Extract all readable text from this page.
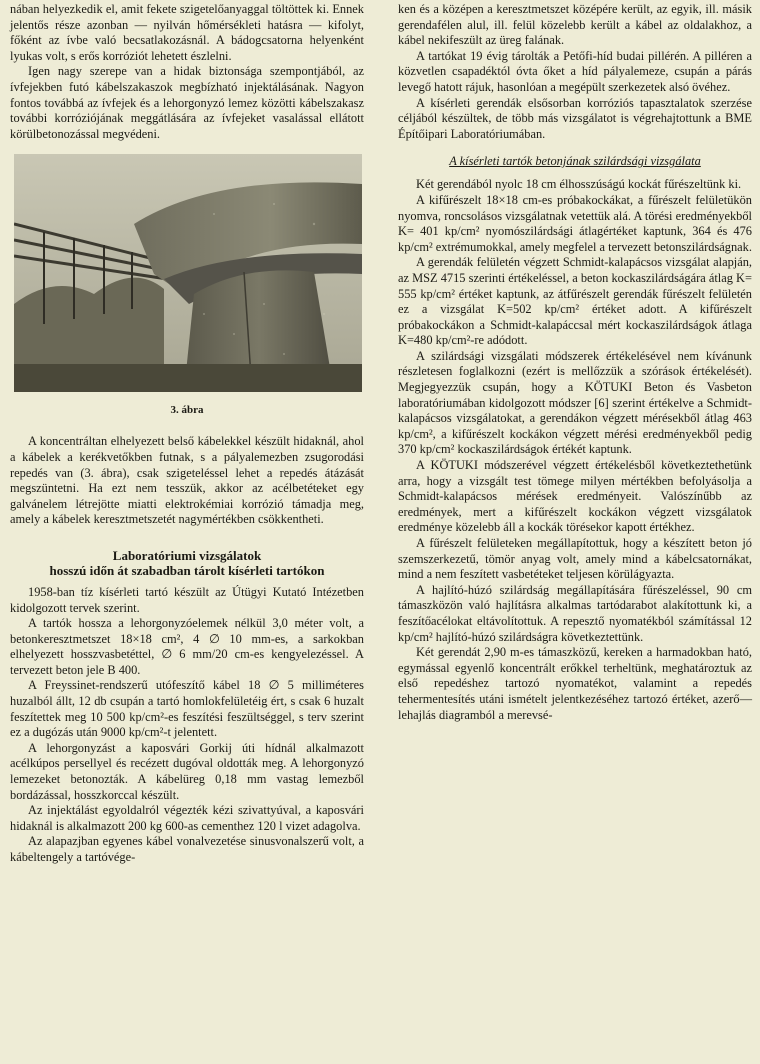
nában helyezkedik el, amit fekete szigetelőanyaggal töltöttek ki. Ennek jelentős része azonban — nyilván hőmérsékleti hatásra — kifolyt, főként az ívbe való becsatlakozásnál. A bádogcsatorna helyenként lyukas volt, s erős korróziót lehetett észlelni.

Igen nagy szerepe van a hidak biztonsága szempontjából, az ívfejekben futó kábelszakaszok megbízható injektálásának. Nagyon fontos továbbá az ívfejek és a lehorgonyzó lemez közötti kábelszakasz további korróziójának meggátlására az ívfejeket vasalással ellátott körülbetonozással megvédeni.

3. ábra

A koncentráltan elhelyezett belső kábelekkel készült hidaknál, ahol a kábelek a kerékvetőkben futnak, s a pályalemezben zsugorodási repedés van (3. ábra), csak szigeteléssel lehet a repedés átázását megszüntetni. Ha ezt nem tesszük, akkor az acélbetéteket egy galvánelem létrejötte miatti elektrokémiai korrózió támadja meg, amely a kábelek keresztmetszetét nagymértékben csökkentheti.

Laboratóriumi vizsgálatok
hosszú időn át szabadban tárolt kísérleti tartókon

1958-ban tíz kísérleti tartó készült az Útügyi Kutató Intézetben kidolgozott tervek szerint.

A tartók hossza a lehorgonyzóelemek nélkül 3,0 méter volt, a betonkeresztmetszet 18×18 cm², 4 ∅ 10 mm-es, a sarkokban elhelyezett hosszvasbetéttel, ∅ 6 mm/20 cm-es kengyelezéssel. A tervezett beton jele B 400.

A Freyssinet-rendszerű utófeszítő kábel 18 ∅ 5 milliméteres huzalból állt, 12 db csupán a tartó homlokfelületéig ért, s csak 6 huzalt feszítettek meg 10 500 kp/cm²-es feszítési feszültséggel, s terv szerint ez a dugózás után 9000 kp/cm²-t jelentett.

A lehorgonyzást a kaposvári Gorkij úti hídnál alkalmazott acélkúpos persellyel és recézett dugóval oldották meg. A lehorgonyzó lemezeket betonozták. A kábelüreg 0,18 mm vastag lemezből bordázással, hosszkorccal készült.

Az injektálást egyoldalról végezték kézi szivattyúval, a kaposvári hidaknál is alkalmazott 200 kg 600-as cementhez 120 l vizet adagolva.

Az alapazjban egyenes kábel vonalvezetése sinusvonalszerű volt, a kábeltengely a tartóvége-

ken és a középen a keresztmetszet középére került, az egyik, ill. másik gerendafélen alul, ill. felül közelebb került a kábel az oldalakhoz, a kábel nekifeszült az üreg falának.

A tartókat 19 évig tárolták a Petőfi-híd budai pillérén. A pilléren a közvetlen csapadéktól óvta őket a híd pályalemeze, csupán a párás levegő hatott rájuk, hasonlóan a megépült szerkezetek alsó övéhez.

A kísérleti gerendák elsősorban korróziós tapasztalatok szerzése céljából készültek, de több más vizsgálatot is végrehajtottunk a BME Építőipari Laboratóriumában.

A kísérleti tartók betonjának szilárdsági vizsgálata

Két gerendából nyolc 18 cm élhosszúságú kockát fűrészeltünk ki.

A kifűrészelt 18×18 cm-es próbakockákat, a fűrészelt felületükön nyomva, roncsolásos vizsgálatnak vetettük alá. A törési eredményekből K= 401 kp/cm² nyomószilárdsági átlagértéket kaptunk, 364 és 476 kp/cm² extrémumokkal, amely megfelel a tervezett betonszilárdságnak.

A gerendák felületén végzett Schmidt-kalapácsos vizsgálat alapján, az MSZ 4715 szerinti értékeléssel, a beton kockaszilárdságára átlag K= 555 kp/cm² értéket kaptunk, az átfűrészelt gerendák fűrészelt felületén ez a vizsgálat K=502 kp/cm² értéket adott. A kifűrészelt próbakockákon a Schmidt-kalapáccsal mért kockaszilárdságok átlaga K=480 kp/cm²-re adódott.

A szilárdsági vizsgálati módszerek értékelésével nem kívánunk részletesen foglalkozni (ezért is mellőzzük a szórások értékelését). Megjegyezzük csupán, hogy a KÖTUKI Beton és Vasbeton laboratóriumában kidolgozott módszer [6] szerint értékelve a Schmidt-kalapácsos vizsgálatokat, a gerendákon végzett mérésekből átlag 463 kp/cm², a kifűrészelt kockákon végzett mérési eredményekből pedig 370 kp/cm² kockaszilárdságok értékét kaptunk.

A KÖTUKI módszerével végzett értékelésből következtethetünk arra, hogy a vizsgált test tömege milyen mértékben befolyásolja a Schmidt-kalapácsos mérések eredményeit. Valószínűbb az eredmények, mert a kifűrészelt kockákon végzett vizsgálatok eredménye közelebb áll a kockák törésekor kapott értékhez.

A fűrészelt felületeken megállapítottuk, hogy a készített beton jó szemszerkezetű, tömör anyag volt, amely mind a kábelcsatornákat, mind a nem feszített vasbetéteket teljesen körülágyazta.

A hajlító-húzó szilárdság megállapítására fűrészeléssel, 90 cm támaszközön való hajlításra alkalmas tartódarabot alakítottunk ki, a feszítőacélokat eltávolítottuk. A repesztő nyomatékból számítással 12 kp/cm² hajlító-húzó szilárdságra következtettünk.

Két gerendát 2,90 m-es támaszközű, kereken a harmadokban ható, egymással egyenlő koncentrált erőkkel terheltünk, meghatároztuk az első repedéshez tartozó nyomatékot, valamint a repedés tehermentesítés utáni ismételt jelentkezéséhez tartozó értéket, azerő—lehajlás diagramból a merevsé-
